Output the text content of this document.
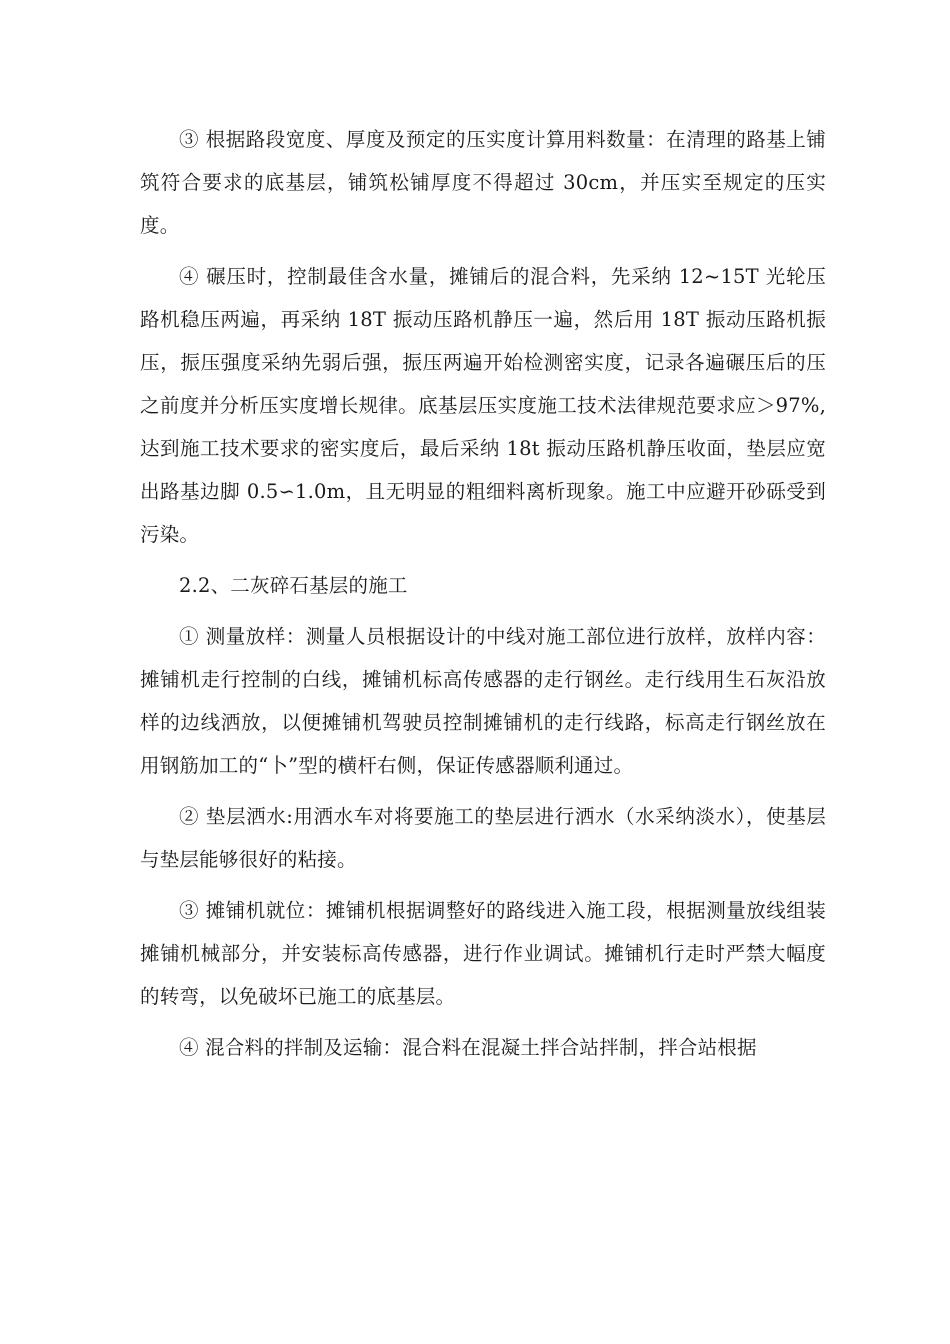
③ 根据路段宽度、厚度及预定的压实度计算用料数量：在清理的路基上铺筑符合要求的底基层，铺筑松铺厚度不得超过 30cm，并压实至规定的压实度。

④ 碾压时，控制最佳含水量，摊铺后的混合料，先采纳 12~15T 光轮压路机稳压两遍，再采纳 18T 振动压路机静压一遍，然后用 18T 振动压路机振压，振压强度采纳先弱后强，振压两遍开始检测密实度，记录各遍碾压后的压之前度并分析压实度增长规律。底基层压实度施工技术法律规范要求应＞97%,达到施工技术要求的密实度后，最后采纳 18t 振动压路机静压收面，垫层应宽出路基边脚 0.5∽1.0m，且无明显的粗细料离析现象。施工中应避开砂砾受到污染。

2.2、二灰碎石基层的施工

① 测量放样：测量人员根据设计的中线对施工部位进行放样，放样内容：摊铺机走行控制的白线，摊铺机标高传感器的走行钢丝。走行线用生石灰沿放样的边线洒放，以便摊铺机驾驶员控制摊铺机的走行线路，标高走行钢丝放在用钢筋加工的“卜”型的横杆右侧，保证传感器顺利通过。

② 垫层洒水:用洒水车对将要施工的垫层进行洒水（水采纳淡水），使基层与垫层能够很好的粘接。

③ 摊铺机就位：摊铺机根据调整好的路线进入施工段，根据测量放线组装摊铺机械部分，并安装标高传感器，进行作业调试。摊铺机行走时严禁大幅度的转弯，以免破坏已施工的底基层。

④ 混合料的拌制及运输：混合料在混凝土拌合站拌制，拌合站根据
